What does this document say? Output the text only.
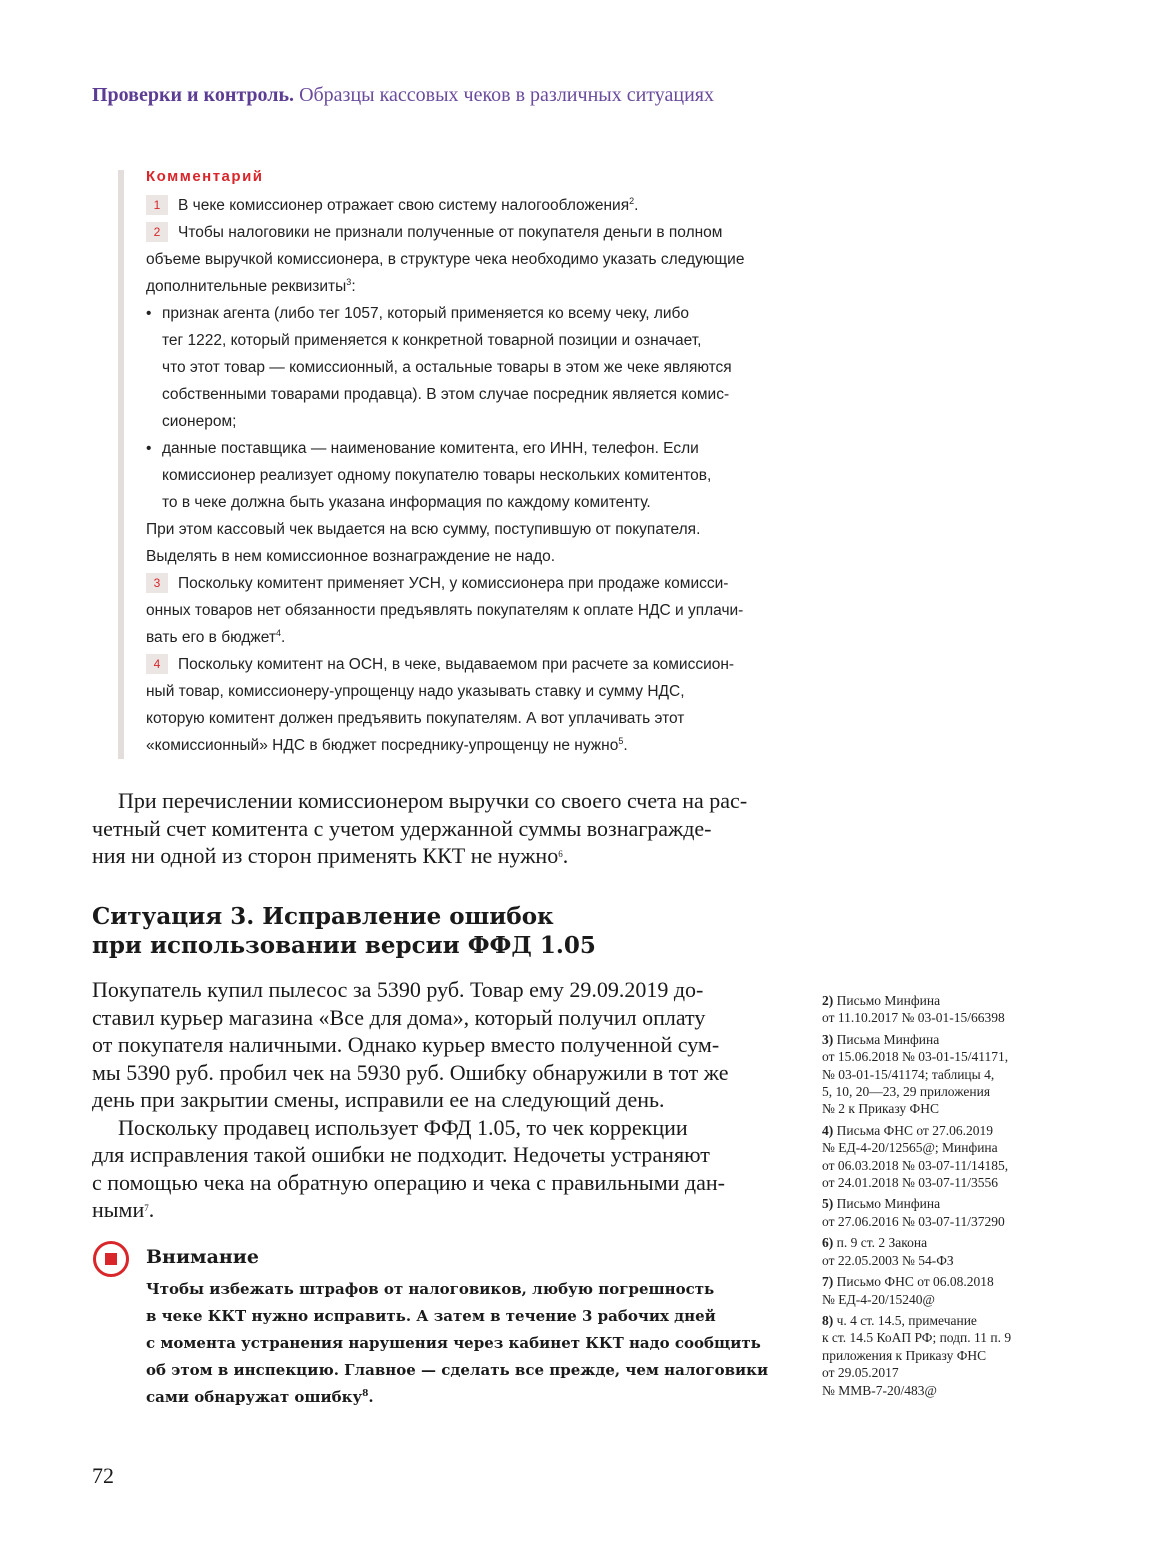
Проверки и контроль. Образцы кассовых чеков в различных ситуациях
Комментарий

1 В чеке комиссионер отражает свою систему налогообложения$^2$.

2 Чтобы налоговики не признали полученные от покупателя деньги в полном
объеме выручкой комиссионера, в структуре чека необходимо указать следующие
дополнительные реквизиты$^3$:

• признак агента (либо тег 1057, который применяется ко всему чеку, либо
тег 1222, который применяется к конкретной товарной позиции и означает,
что этот товар — комиссионный, а остальные товары в этом же чеке являются
собственными товарами продавца). В этом случае посредник является комис-
сионером;

• данные поставщика — наименование комитента, его ИНН, телефон. Если
комиссионер реализует одному покупателю товары нескольких комитентов,
то в чеке должна быть указана информация по каждому комитенту.

При этом кассовый чек выдается на всю сумму, поступившую от покупателя.
Выделять в нем комиссионное вознаграждение не надо.

3 Поскольку комитент применяет УСН, у комиссионера при продаже комисси-
онных товаров нет обязанности предъявлять покупателям к оплате НДС и уплачи-
вать его в бюджет$^4$.

4 Поскольку комитент на ОСН, в чеке, выдаваемом при расчете за комиссион-
ный товар, комиссионеру-упрощенцу надо указывать ставку и сумму НДС,
которую комитент должен предъявить покупателям. А вот уплачивать этот
«комиссионный» НДС в бюджет посреднику-упрощенцу не нужно$^5$.

При перечислении комиссионером выручки со своего счета на рас-
четный счет комитента с учетом удержанной суммы вознагражде-
ния ни одной из сторон применять ККТ не нужно$^6$.

Ситуация 3. Исправление ошибок
при использовании версии ФФД 1.05

Покупатель купил пылесос за 5390 руб. Товар ему 29.09.2019 до-
ставил курьер магазина «Все для дома», который получил оплату
от покупателя наличными. Однако курьер вместо полученной сум-
мы 5390 руб. пробил чек на 5930 руб. Ошибку обнаружили в тот же
день при закрытии смены, исправили ее на следующий день.

Поскольку продавец использует ФФД 1.05, то чек коррекции
для исправления такой ошибки не подходит. Недочеты устраняют
с помощью чека на обратную операцию и чека с правильными дан-
ными$^7$.

Внимание
Чтобы избежать штрафов от налоговиков, любую погрешность
в чеке ККТ нужно исправить. А затем в течение 3 рабочих дней
с момента устранения нарушения через кабинет ККТ надо сообщить
об этом в инспекцию. Главное — сделать все прежде, чем налоговики
сами обнаружат ошибку$^8$.
2) Письмо Минфина
от 11.10.2017 № 03-01-15/66398
3) Письма Минфина
от 15.06.2018 № 03-01-15/41171,
№ 03-01-15/41174; таблицы 4,
5, 10, 20—23, 29 приложения
№ 2 к Приказу ФНС
4) Письма ФНС от 27.06.2019
№ ЕД-4-20/12565@; Минфина
от 06.03.2018 № 03-07-11/14185,
от 24.01.2018 № 03-07-11/3556
5) Письмо Минфина
от 27.06.2016 № 03-07-11/37290
6) п. 9 ст. 2 Закона
от 22.05.2003 № 54-ФЗ
7) Письмо ФНС от 06.08.2018
№ ЕД-4-20/15240@
8) ч. 4 ст. 14.5, примечание
к ст. 14.5 КоАП РФ; подп. 11 п. 9
приложения к Приказу ФНС
от 29.05.2017
№ ММВ-7-20/483@
72
